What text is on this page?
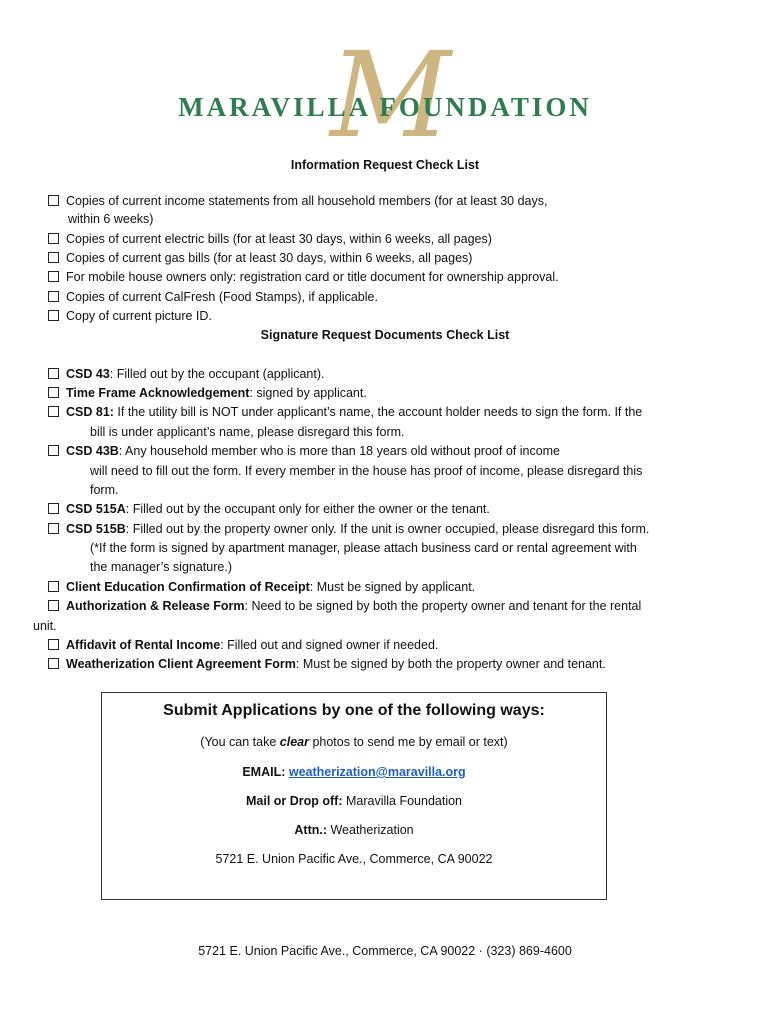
M
MARAVILLA FOUNDATION
Information Request Check List
Copies of current income statements from all household members (for at least 30 days,
within 6 weeks)
Copies of current electric bills (for at least 30 days, within 6 weeks, all pages)
Copies of current gas bills (for at least 30 days, within 6 weeks, all pages)
For mobile house owners only: registration card or title document for ownership approval.
Copies of current CalFresh (Food Stamps), if applicable.
Copy of current picture ID.
Signature Request Documents Check List
CSD 43: Filled out by the occupant (applicant).
Time Frame Acknowledgement: signed by applicant.
CSD 81: If the utility bill is NOT under applicant’s name, the account holder needs to sign the form. If the
bill is under applicant’s name, please disregard this form.
CSD 43B: Any household member who is more than 18 years old without proof of income
will need to fill out the form. If every member in the house has proof of income, please disregard this
form.
CSD 515A: Filled out by the occupant only for either the owner or the tenant.
CSD 515B: Filled out by the property owner only. If the unit is owner occupied, please disregard this form.
(*If the form is signed by apartment manager, please attach business card or rental agreement with
the manager’s signature.)
Client Education Confirmation of Receipt: Must be signed by applicant.
Authorization & Release Form: Need to be signed by both the property owner and tenant for the rental
unit.
Affidavit of Rental Income: Filled out and signed owner if needed.
Weatherization Client Agreement Form: Must be signed by both the property owner and tenant.
Submit Applications by one of the following ways:
(You can take clear photos to send me by email or text)
EMAIL: weatherization@maravilla.org
Mail or Drop off: Maravilla Foundation
Attn.: Weatherization
5721 E. Union Pacific Ave., Commerce, CA 90022
5721 E. Union Pacific Ave., Commerce, CA 90022 · (323) 869-4600
